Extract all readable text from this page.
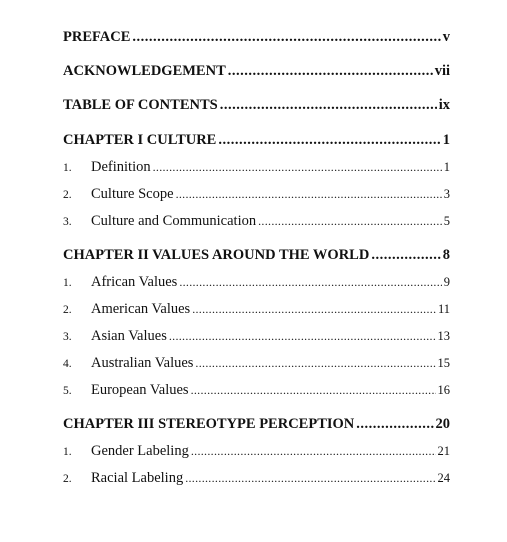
PREFACE .....	v
ACKNOWLEDGEMENT .....	vii
TABLE OF CONTENTS .....	ix
CHAPTER I CULTURE .....	1
1.	Definition .....	1
2.	Culture Scope .....	3
3.	Culture and Communication .....	5
CHAPTER II VALUES AROUND THE WORLD .....	8
1.	African Values .....	9
2.	American Values .....	11
3.	Asian Values .....	13
4.	Australian Values .....	15
5.	European Values .....	16
CHAPTER III STEREOTYPE PERCEPTION .....	20
1.	Gender Labeling .....	21
2.	Racial Labeling .....	24
